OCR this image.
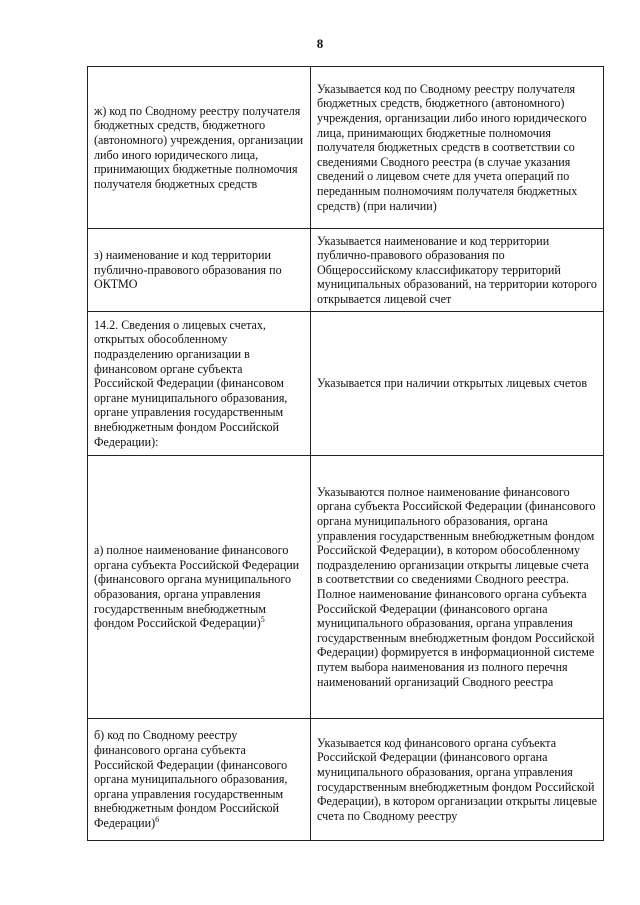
8
ж) код по Сводному реестру получателя бюджетных средств, бюджетного (автономного) учреждения, организации либо иного юридического лица, принимающих бюджетные полномочия получателя бюджетных средств	Указывается код по Сводному реестру получателя бюджетных средств, бюджетного (автономного) учреждения, организации либо иного юридического лица, принимающих бюджетные полномочия получателя бюджетных средств в соответствии со сведениями Сводного реестра (в случае указания сведений о лицевом счете для учета операций по переданным полномочиям получателя бюджетных средств) (при наличии)
з) наименование и код территории публично-правового образования по ОКТМО	Указывается наименование и код территории публично-правового образования по Общероссийскому классификатору территорий муниципальных образований, на территории которого открывается лицевой счет
14.2. Сведения о лицевых счетах, открытых обособленному подразделению организации в финансовом органе субъекта Российской Федерации (финансовом органе муниципального образования, органе управления государственным внебюджетным фондом Российской Федерации):	Указывается при наличии открытых лицевых счетов
а) полное наименование финансового органа субъекта Российской Федерации (финансового органа муниципального образования, органа управления государственным внебюджетным фондом Российской Федерации)$^5$	Указываются полное наименование финансового органа субъекта Российской Федерации (финансового органа муниципального образования, органа управления государственным внебюджетным фондом Российской Федерации), в котором обособленному подразделению организации открыты лицевые счета в соответствии со сведениями Сводного реестра.
Полное наименование финансового органа субъекта Российской Федерации (финансового органа муниципального образования, органа управления государственным внебюджетным фондом Российской Федерации) формируется в информационной системе путем выбора наименования из полного перечня наименований организаций Сводного реестра

б) код по Сводному реестру финансового органа субъекта Российской Федерации (финансового органа муниципального образования, органа управления государственным внебюджетным фондом Российской Федерации)$^6$	Указывается код финансового органа субъекта Российской Федерации (финансового органа муниципального образования, органа управления государственным внебюджетным фондом Российской Федерации), в котором организации открыты лицевые счета по Сводному реестру
